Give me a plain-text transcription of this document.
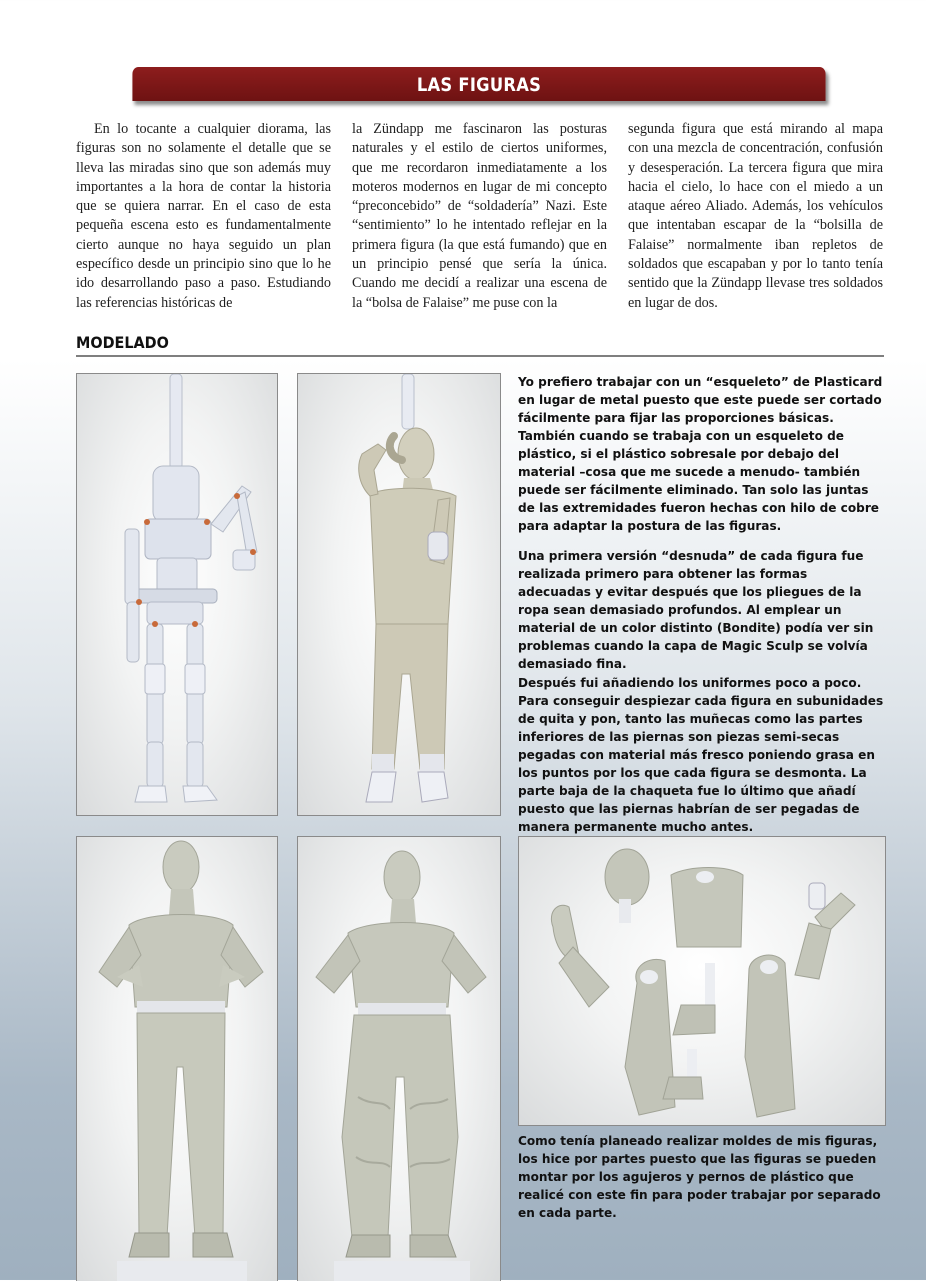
LAS FIGURAS

En lo tocante a cualquier diorama, las figuras son no solamente el detalle que se lleva las miradas sino que son además muy importantes a la hora de contar la historia que se quiera narrar. En el caso de esta pequeña escena esto es fundamentalmente cierto aunque no haya seguido un plan específico desde un principio sino que lo he ido desarrollando paso a paso. Estudiando las referencias históricas de

la Zündapp me fascinaron las posturas naturales y el estilo de ciertos uniformes, que me recordaron inmediatamente a los moteros modernos en lugar de mi concepto “preconcebido” de “soldadería” Nazi. Este “sentimiento” lo he intentado reflejar en la primera figura (la que está fumando) que en un principio pensé que sería la única. Cuando me decidí a realizar una escena de la “bolsa de Falaise” me puse con la

segunda figura que está mirando al mapa con una mezcla de concentración, confusión y desesperación. La tercera figura que mira hacia el cielo, lo hace con el miedo a un ataque aéreo Aliado. Además, los vehículos que intentaban escapar de la “bolsilla de Falaise” normalmente iban repletos de soldados que escapaban y por lo tanto tenía sentido que la Zündapp llevase tres soldados en lugar de dos.

MODELADO

Yo prefiero trabajar con un “esqueleto” de Plasticard en lugar de metal puesto que este puede ser cortado fácilmente para fijar las proporciones básicas. También cuando se trabaja con un esqueleto de plástico, si el plástico sobresale por debajo del material –cosa que me sucede a menudo- también puede ser fácilmente eliminado. Tan solo las juntas de las extremidades fueron hechas con hilo de cobre para adaptar la postura de las figuras.

Una primera versión “desnuda” de cada figura fue realizada primero para obtener las formas adecuadas y evitar después que los pliegues de la ropa sean demasiado profundos. Al emplear un material de un color distinto (Bondite) podía ver sin problemas cuando la capa de Magic Sculp se volvía demasiado fina.

Después fui añadiendo los uniformes poco a poco. Para conseguir despiezar cada figura en subunidades de quita y pon, tanto las muñecas como las partes inferiores de las piernas son piezas semi-secas pegadas con material más fresco poniendo grasa en los puntos por los que cada figura se desmonta. La parte baja de la chaqueta fue lo último que añadí puesto que las piernas habrían de ser pegadas de manera permanente mucho antes.

Como tenía planeado realizar moldes de mis figuras, los hice por partes puesto que las figuras se pueden montar por los agujeros y pernos de plástico que realicé con este fin para poder trabajar por separado en cada parte.
